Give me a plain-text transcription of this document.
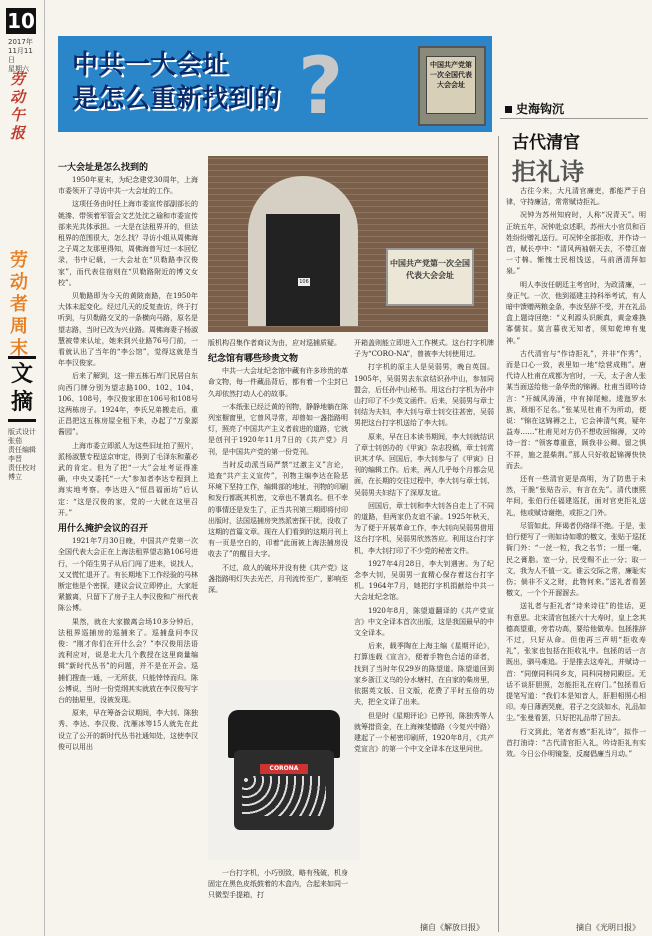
10
2017年
11月11日
星期六
劳动午报
劳动者周末
文摘
版式设计 张茄
责任编辑 李晋
责任校对 傅立
中共一大会址
是怎么重新找到的 ?	中国共产党第一次全国代表大会会址
史海钩沉
古代清官
拒礼诗

一大会址是怎么找到的

1950年夏末，为纪念建党30周年，上海市委领开了寻访中共一大会址的工作。

这项任务由时任上海市委宣传部副部长的姚溱、带领着军管会文艺处沈之瑜和市委宣传部来光共体承担。一大是在法租界开的，但法租界的范围很大，怎么找？寻访小组从周佛海之子周之友那里得知，周佛海曾写过一本回忆录，书中记载，一大会址在“贝勒路李汉俊家”，而代表住宿则在“贝勒路附近的博文女校”。

贝勒路即为今天的黄陂南路，在1950年大体未起变化。经过几天的反复查访，终于打听到，与贝勒路交叉的一条横向马路，原名是望志路，当时已改为兴业路。周佛海妻子杨淑慧被带来认址，她来到兴业路76号门前，一看就认出了当年的“李公馆”，觉得这就是当年李汉俊家。

后来了解到，这一排五栋石库门民居自东向西门牌分别为望志路100、102、104、106、108号，李汉俊家即在106号和108号这两栋房子。1924年，李氏兄弟搬走后，重正昌把这五栋房屋全租下来，办起了“万象源酱园”。

上海市委立即派人为这些旧址拍了照片，派杨淑慧专程送京审定，得到了毛泽东和董必武的肯定。但为了把“一大”会址考证得准确，中央又委托“一大”参加者李达专程到上海实地考察。李达进入“恒昌福面坊”后认定：“这是汉俊的家，党的一大就在这里召开。”

用什么掩护会议的召开

1921年7月30日晚，中国共产党第一次全国代表大会正在上海法租界望志路106号进行，一个陌生男子从后门闯了进来，说找人，又又慌忙退开了。有长期地下工作经验的马林断定他是个密探，建议会议立即停止，大家赶紧撤离，只留下了房子主人李汉俊和广州代表陈公博。

果然，就在大家撤离会场10多分钟后，法租界巡捕房的巡捕来了。巡捕盘问李汉俊：“刚才你们在开什么会？”李汉俊用法语流利应对，说是北大几个教授在这里商量编辑“新时代丛书”的问题，并不是在开会。巡捕们搜查一通，一无所获，只能悻悻而归。陈公博说，当时一份党纲其实就放在李汉俊写字台的抽屉里，没被发现。

原来，早在筹备会议期间，李大钊、陈独秀、李达、李汉俊、沈雁冰等15人就先在此设立了公开的新时代丛书社通知处，这使李汉俊可以用出

106
中国共产党第一次全国代表大会会址

版机构召集作者商议为由，应对巡捕质疑。

纪念馆有哪些珍贵文物

中共一大会址纪念馆中藏有许多珍贵的革命文物，每一件藏品背后，都有着一个尘封已久却依然打动人心的故事。

一本纸张已经泛黄的刊物，静静地躺在陈列室橱窗里，它曾风寻常，却曾如一盏指路明灯，照亮了中国共产主义者前进的道路，它就是创刊于1920年11月7日的《共产党》月刊，是中国共产党的第一份党刊。

当时反动派当局严禁“过激主义”言论，追查“共产主义宣传”，刊物主编李达在险恶环境下坚持工作，编辑部的地址、刊物的印刷和发行都既其机密，文章也不署真名。但不幸的事情还是发生了，正当共刊第三期即将付印出版时，法国巡捕房突然派密探干扰，没收了这期的首篇文章。现在人们看到的这期月刊上有一页是空白的，印着“此面被上海法捕房没收去了”的醒目大字。

不过，敌人的破坏并没有使《共产党》这盏指路明灯失去光芒，月刊流传至广，影响至深。

CORONA

一台打字机，小巧别致，略有残破，机身固定在黑色皮纸鼓着的木盒内，合起来如同一只微型手提箱，打

开箱盖则能立即进入工作模式。这台打字机牌子为“CORO-NA”，曾被李大钊使用过。

打字机的原主人是吴弱男，晚自英国。1905年，吴弱男去东京结识孙中山，参加同盟会，后任孙中山秘书。用这台打字机为孙中山打印了不少英文函件。后来，吴弱男与章士钊结为夫妇，李大钊与章士钊交往甚密，吴弱男把这台打字机送给了李大钊。

原来，早在日本读书期间，李大钊就结识了章士钊创办的《甲寅》杂志投稿，章士钊赏识其才华。回国后，李大钊参与了《甲寅》日刊的编辑工作。后来，两人几乎每个月都会见面，在长期的交往过程中，李大钊与章士钊、吴弱男夫妇结下了深厚友谊。

回国后，章士钊和李大钊各自走上了不同的道路，但两家仍友谊不渝。1925年秋天，为了便于开展革命工作，李大钊向吴弱男借用这台打字机，吴弱男欣然答应。利用这台打字机，李大钊打印了不少党的秘密文件。

1927年4月28日，李大钊遇害。为了纪念李大钊，吴弱男一直精心保存着这台打字机。1964年7月，她把打字机捐献给中共一大会址纪念馆。

1920年8月，陈望道翻译的《共产党宣言》中文全译本首次出版，这是我国最早的中文全译本。

后来，载季陶在上海主编《星期评论》，打算连载《宣言》，便着手物色合适的译者，找到了当时年仅29岁的陈望道。陈望道回到家乡浙江义乌的分水塘村，在自家的柴房里，依据英文版、日文版，花费了平时五倍的功夫，把全文译了出来。

但是时《星期评论》已停刊，陈独秀等人就筹措资金，在上海辣斐德路（今复兴中路）建起了一个秘密印刷所，1920年8月，《共产党宣言》的第一个中文全译本在这里问世。

摘自《解放日报》

古往今来，大凡清官廉吏，都能严于自律，守持廉洁，常常赋诗拒礼。

况钟为苏州知府时，人称“况青天”。明正统五年，况钟赴京述职，苏州大小官员和百姓纷纷赠礼送行。可况钟全部拒收，并作诗一首，赋长亭中：“清风两袖朝天去，不带江南一寸棉。惭愧士民相饯送，马前酒清拜如泉。”

明人李汝任朝廷主考官时，为政清廉，一身正气。一次，他到福建主持科举考试，有人暗中馈赠两粮金条，李汝坚辞不受，并在礼品盒上题诗回绝：“义利源头识颇真，黄金难换寡儒贫。莫言暮夜无知者，须知乾坤有鬼神。”

古代清官与“作诗拒礼”，并非“作秀”，而是口心一致，表里如一地“绘营成贿”。唐代诗人杜甫在成都为官时，一天，太子舍人张某当面送给他一条华贵的锦褥。杜甫当即吟诗言：“开缄风涛涌，中有掉尾鲸。逶迤罗水族，琐细不足名。”张某见杜甫不为所动，便说：“锦在这锦褥之上，它会神清气爽，疑年益寿……”杜甫见对方仍不想收回锦褥，又吟诗一首：“领客尊重意，顾我非公卿。留之惧不祥，施之混柴荆。”那人只好收起锦褥快快而去。

还有一些清官更是高明，为了防患于未然，干脆“张贴告示，有言在先”。清代康熙年间，张伯行任福建巡抚，面对官吏拒礼送礼，他或赋诗谢绝，或拒之门外。

尽管如此，拜谒者仍络绎不绝。于是，张伯行便写了一则如诗如歌的檄文，张贴于巡抚衙门外：“一丝一粒，我之名节；一厘一毫，民之膏脂。宽一分，民受赐不止一分；取一文，我为人不值一文。谁云交际之常，廉耻实伤；倘非不义之财，此物何来。”送礼者看罢檄文，一个个开溜溜去。

送礼者与拒礼者“诗来诗往”的佳话，更有意思。北宋清官包拯六十大寿时，皇上念其德高望重，旁若功高，要给他做寿。包拯推辞不过，只好从命。但他再三声明“拒收寿礼”，张家也包括在拒收礼中。包拯的话一言既出，驷马难追。于是推去这寿礼，并赋诗一首：“同僚同科同乡友，同科同榜同殿臣。无话不谈肝胆照，怎能拒礼在府门。”包拯看后提笔写道：“我们本是知音人，肝胆相照心相印。寿日薄酒哭鹿，君子之交淡如水，礼品如尘。”张曼看罢，只好把礼品带了回去。

行文到此，笔者有感“拒礼诗”，拟作一首打油诗：“古代清官拒入礼，吟诗拒礼有实效。今日公仆明镜鉴，反腐倡廉当月动。”

摘自《光明日报》
